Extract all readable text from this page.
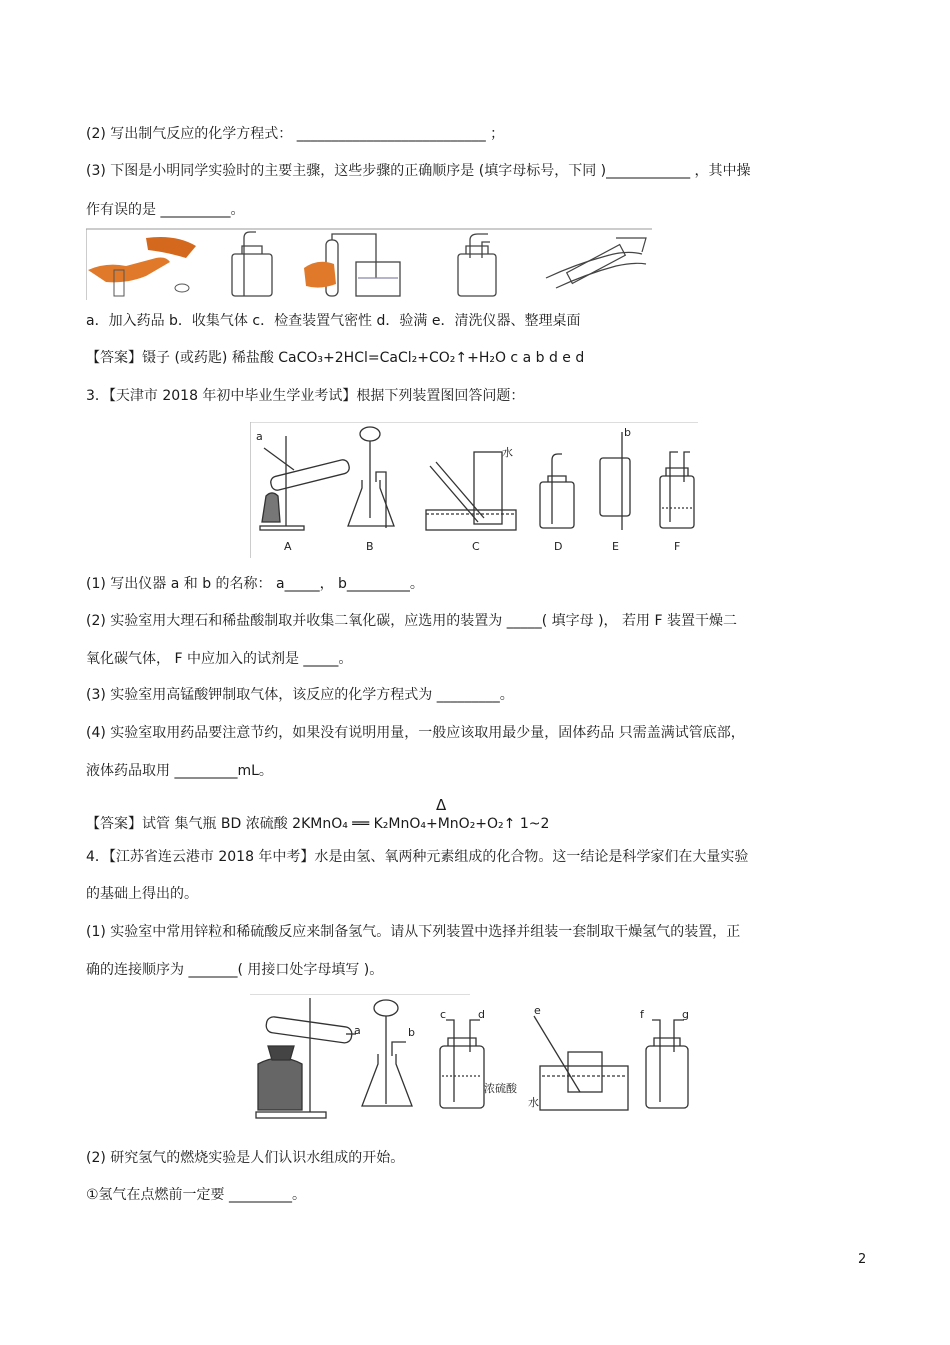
(2) 写出制气反应的化学方程式： ___________________________ ；
(3) 下图是小明同学实验时的主要主骤，这些步骤的正确顺序是 (填字母标号，下同 )____________ ，其中操
作有误的是 __________。
a．加入药品 b．收集气体 c．检查装置气密性 d．验满 e．清洗仪器、整理桌面
【答案】镊子 (或药匙) 稀盐酸 CaCO₃+2HCl=CaCl₂+CO₂↑+H₂O c a b d e d
3．【天津市 2018 年初中毕业生学业考试】根据下列装置图回答问题：
a
A	B
水
C	D
b
E	F
(1) 写出仪器 a 和 b 的名称： a_____， b_________。
(2) 实验室用大理石和稀盐酸制取并收集二氧化碳，应选用的装置为 _____( 填字母 )， 若用 F 装置干燥二
氧化碳气体， F 中应加入的试剂是 _____。
(3) 实验室用高锰酸钾制取气体，该反应的化学方程式为 _________。
(4) 实验室取用药品要注意节约，如果没有说明用量，一般应该取用最少量，固体药品 只需盖满试管底部，
液体药品取用 _________mL。
Δ
【答案】试管 集气瓶 BD 浓硫酸 2KMnO₄ ══ K₂MnO₄+MnO₂+O₂↑ 1~2
4．【江苏省连云港市 2018 年中考】水是由氢、氧两种元素组成的化合物。这一结论是科学家们在大量实验
的基础上得出的。
(1) 实验室中常用锌粒和稀硫酸反应来制备氢气。请从下列装置中选择并组装一套制取干燥氢气的装置，正
确的连接顺序为 _______( 用接口处字母填写 )。
a	b
c	d
浓硫酸
e
水
f	g
(2) 研究氢气的燃烧实验是人们认识水组成的开始。
①氢气在点燃前一定要 _________。
2
